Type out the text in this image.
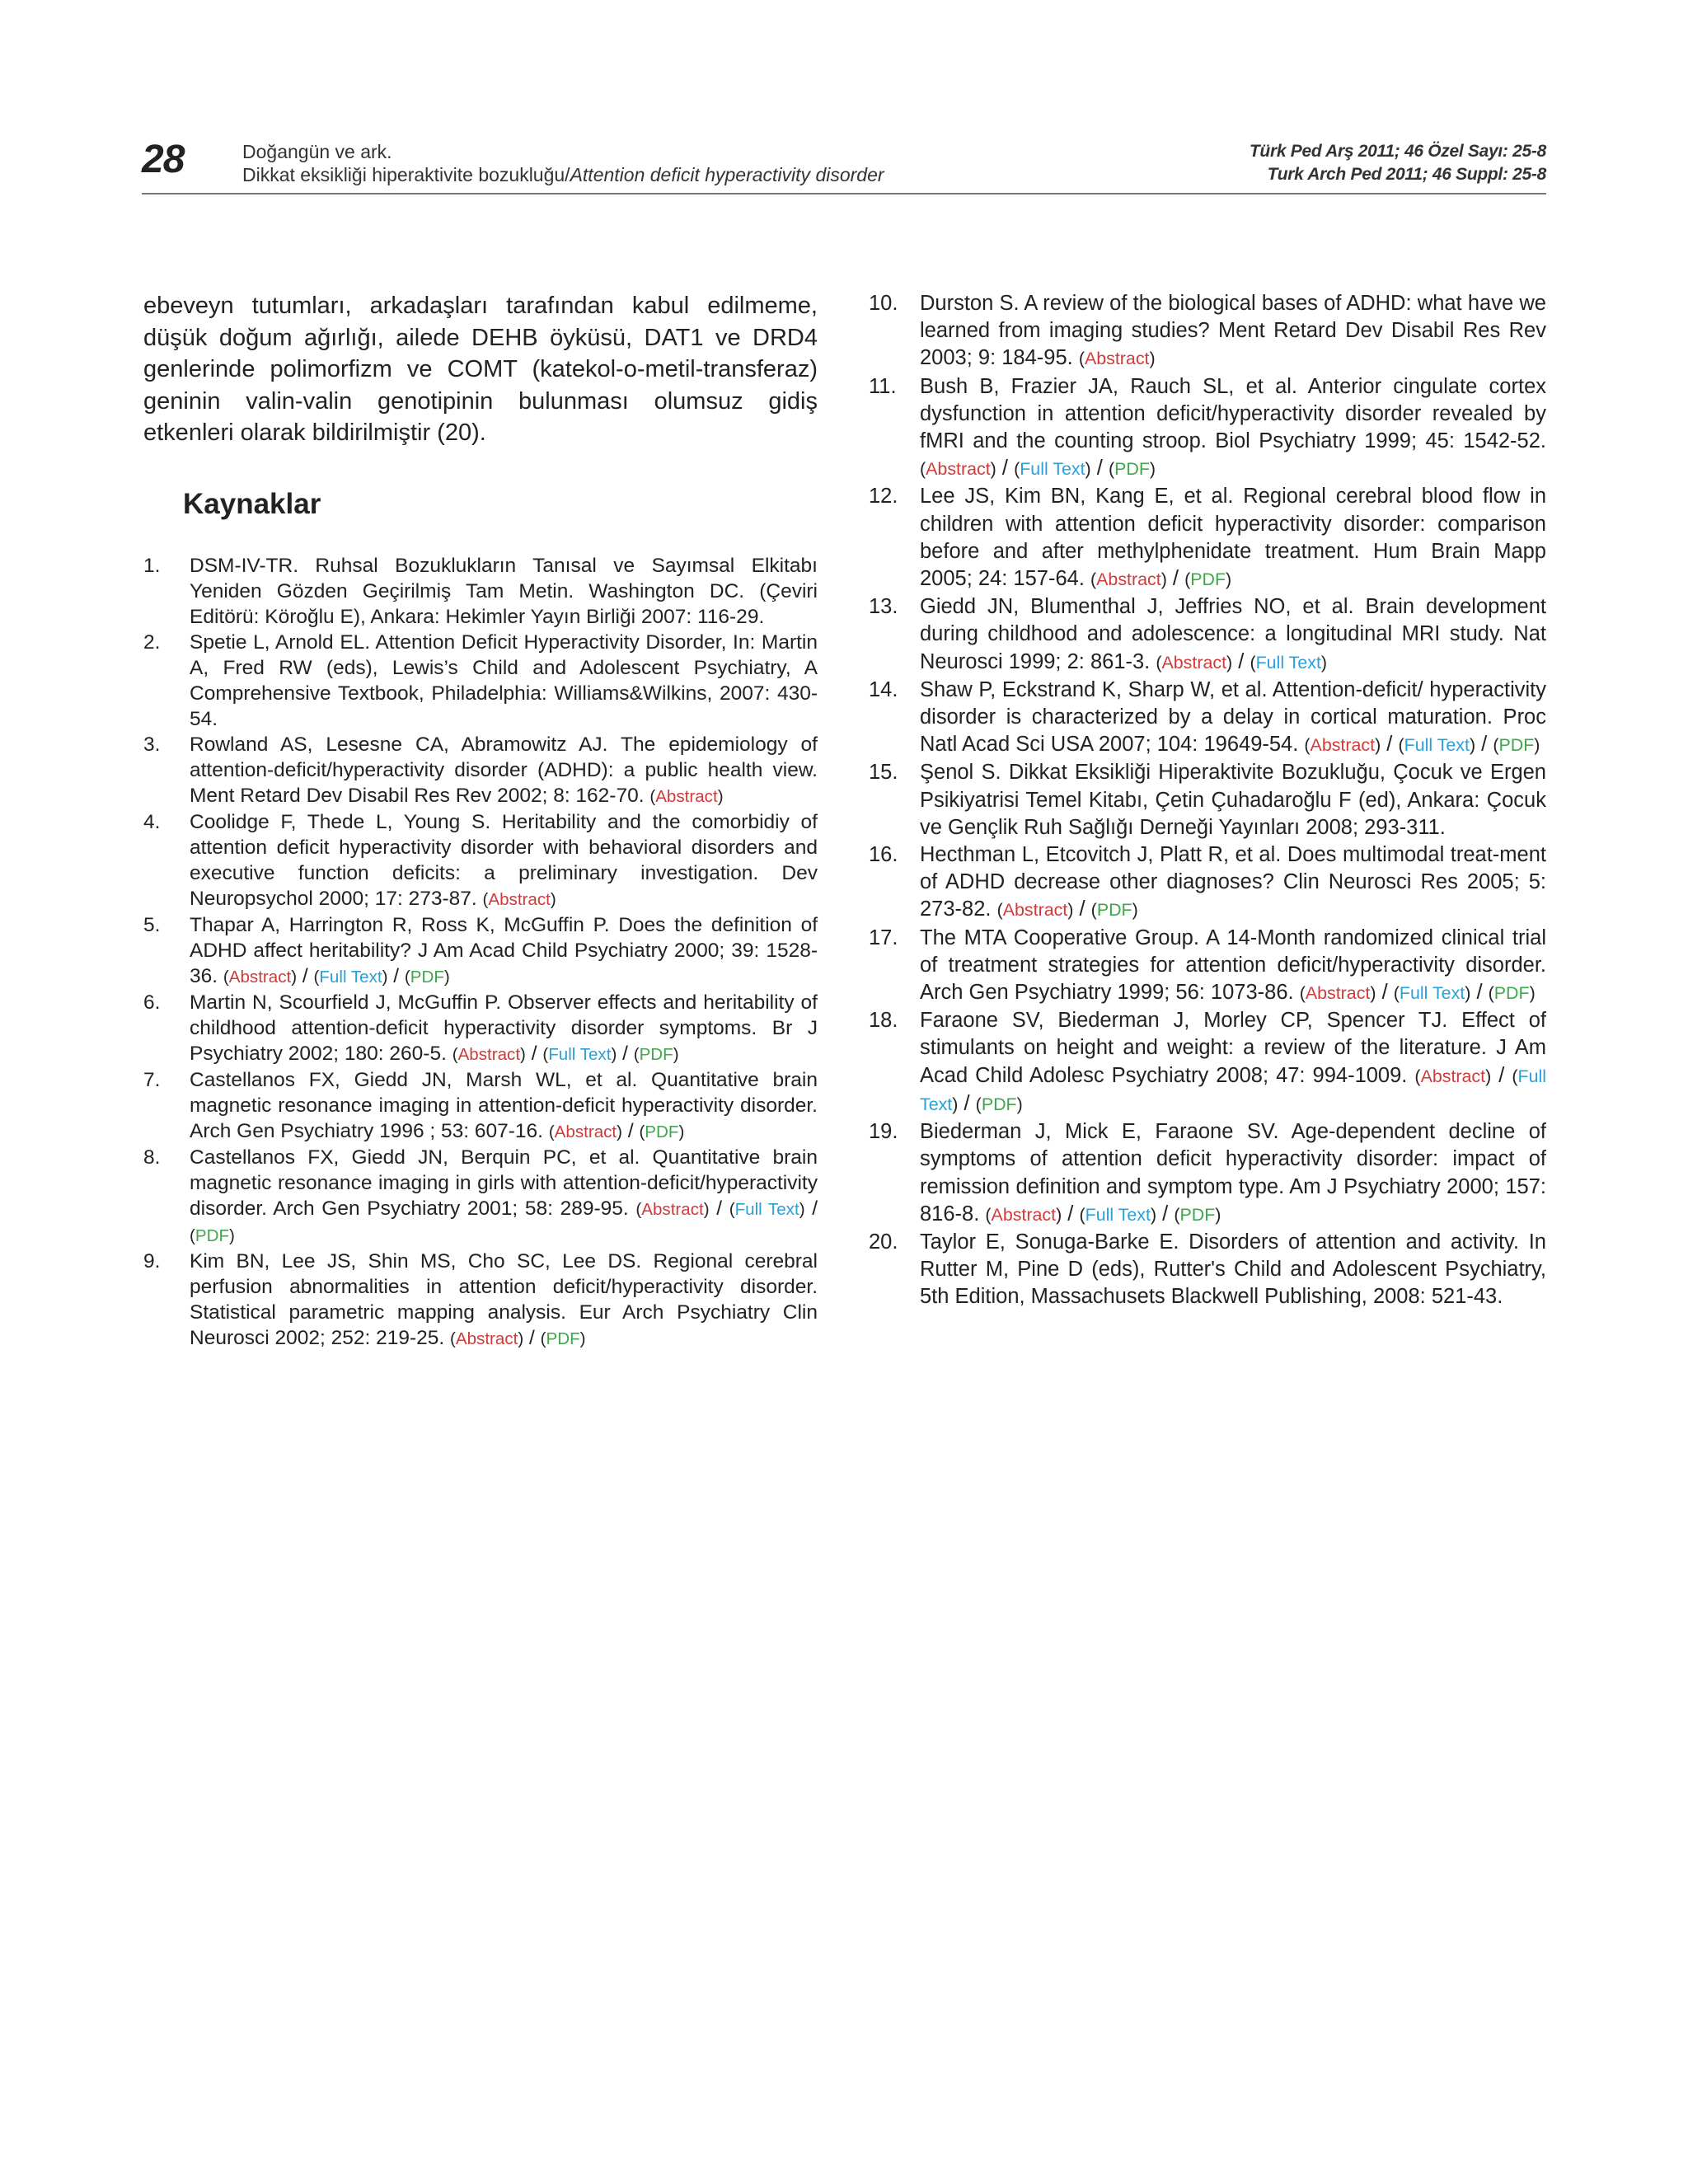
28	Doğangün ve ark.
Dikkat eksikliği hiperaktivite bozukluğu/Attention deficit hyperactivity disorder
Türk Ped Arş 2011; 46 Özel Sayı: 25-8
Turk Arch Ped 2011; 46 Suppl: 25-8

ebeveyn tutumları, arkadaşları tarafından kabul edilmeme, düşük doğum ağırlığı, ailede DEHB öyküsü, DAT1 ve DRD4 genlerinde polimorfizm ve COMT (katekol-o-metil-transferaz) geninin valin-valin genotipinin bulunması olumsuz gidiş etkenleri olarak bildirilmiştir (20).

Kaynaklar

1. DSM-IV-TR. Ruhsal Bozuklukların Tanısal ve Sayımsal Elkitabı Yeniden Gözden Geçirilmiş Tam Metin. Washington DC. (Çeviri Editörü: Köroğlu E), Ankara: Hekimler Yayın Birliği 2007: 116-29.

2. Spetie L, Arnold EL. Attention Deficit Hyperactivity Disorder, In: Martin A, Fred RW (eds), Lewis’s Child and Adolescent Psychiatry, A Comprehensive Textbook, Philadelphia: Williams&Wilkins, 2007: 430-54.

3. Rowland AS, Lesesne CA, Abramowitz AJ. The epidemiology of attention-deficit/hyperactivity disorder (ADHD): a public health view. Ment Retard Dev Disabil Res Rev 2002; 8: 162-70. (Abstract)

4. Coolidge F, Thede L, Young S. Heritability and the comorbidiy of attention deficit hyperactivity disorder with behavioral disorders and executive function deficits: a preliminary investigation. Dev Neuropsychol 2000; 17: 273-87. (Abstract)

5. Thapar A, Harrington R, Ross K, McGuffin P. Does the definition of ADHD affect heritability? J Am Acad Child Psychiatry 2000; 39: 1528-36. (Abstract) / (Full Text) / (PDF)

6. Martin N, Scourfield J, McGuffin P. Observer effects and heritability of childhood attention-deficit hyperactivity disorder symptoms. Br J Psychiatry 2002; 180: 260-5. (Abstract) / (Full Text) / (PDF)

7. Castellanos FX, Giedd JN, Marsh WL, et al. Quantitative brain magnetic resonance imaging in attention-deficit hyperactivity disorder. Arch Gen Psychiatry 1996 ; 53: 607-16. (Abstract) / (PDF)

8. Castellanos FX, Giedd JN, Berquin PC, et al. Quantitative brain magnetic resonance imaging in girls with attention-deficit/hyperactivity disorder. Arch Gen Psychiatry 2001; 58: 289-95. (Abstract) / (Full Text) / (PDF)

9. Kim BN, Lee JS, Shin MS, Cho SC, Lee DS. Regional cerebral perfusion abnormalities in attention deficit/hyperactivity disorder. Statistical parametric mapping analysis. Eur Arch Psychiatry Clin Neurosci 2002; 252: 219-25. (Abstract) / (PDF)

10. Durston S. A review of the biological bases of ADHD: what have we learned from imaging studies? Ment Retard Dev Disabil Res Rev 2003; 9: 184-95. (Abstract)

11. Bush B, Frazier JA, Rauch SL, et al. Anterior cingulate cortex dysfunction in attention deficit/hyperactivity disorder revealed by fMRI and the counting stroop. Biol Psychiatry 1999; 45: 1542-52. (Abstract) / (Full Text) / (PDF)

12. Lee JS, Kim BN, Kang E, et al. Regional cerebral blood flow in children with attention deficit hyperactivity disorder: comparison before and after methylphenidate treatment. Hum Brain Mapp 2005; 24: 157-64. (Abstract) / (PDF)

13. Giedd JN, Blumenthal J, Jeffries NO, et al. Brain development during childhood and adolescence: a longitudinal MRI study. Nat Neurosci 1999; 2: 861-3. (Abstract) / (Full Text)

14. Shaw P, Eckstrand K, Sharp W, et al. Attention-deficit/ hyperactivity disorder is characterized by a delay in cortical maturation. Proc Natl Acad Sci USA 2007; 104: 19649-54. (Abstract) / (Full Text) / (PDF)

15. Şenol S. Dikkat Eksikliği Hiperaktivite Bozukluğu, Çocuk ve Ergen Psikiyatrisi Temel Kitabı, Çetin Çuhadaroğlu F (ed), Ankara: Çocuk ve Gençlik Ruh Sağlığı Derneği Yayınları 2008; 293-311.

16. Hecthman L, Etcovitch J, Platt R, et al. Does multimodal treat-ment of ADHD decrease other diagnoses? Clin Neurosci Res 2005; 5: 273-82. (Abstract) / (PDF)

17. The MTA Cooperative Group. A 14-Month randomized clinical trial of treatment strategies for attention deficit/hyperactivity disorder. Arch Gen Psychiatry 1999; 56: 1073-86. (Abstract) / (Full Text) / (PDF)

18. Faraone SV, Biederman J, Morley CP, Spencer TJ. Effect of stimulants on height and weight: a review of the literature. J Am Acad Child Adolesc Psychiatry 2008; 47: 994-1009. (Abstract) / (Full Text) / (PDF)

19. Biederman J, Mick E, Faraone SV. Age-dependent decline of symptoms of attention deficit hyperactivity disorder: impact of remission definition and symptom type. Am J Psychiatry 2000; 157: 816-8. (Abstract) / (Full Text) / (PDF)

20. Taylor E, Sonuga-Barke E. Disorders of attention and activity. In Rutter M, Pine D (eds), Rutter's Child and Adolescent Psychiatry, 5th Edition, Massachusets Blackwell Publishing, 2008: 521-43.
